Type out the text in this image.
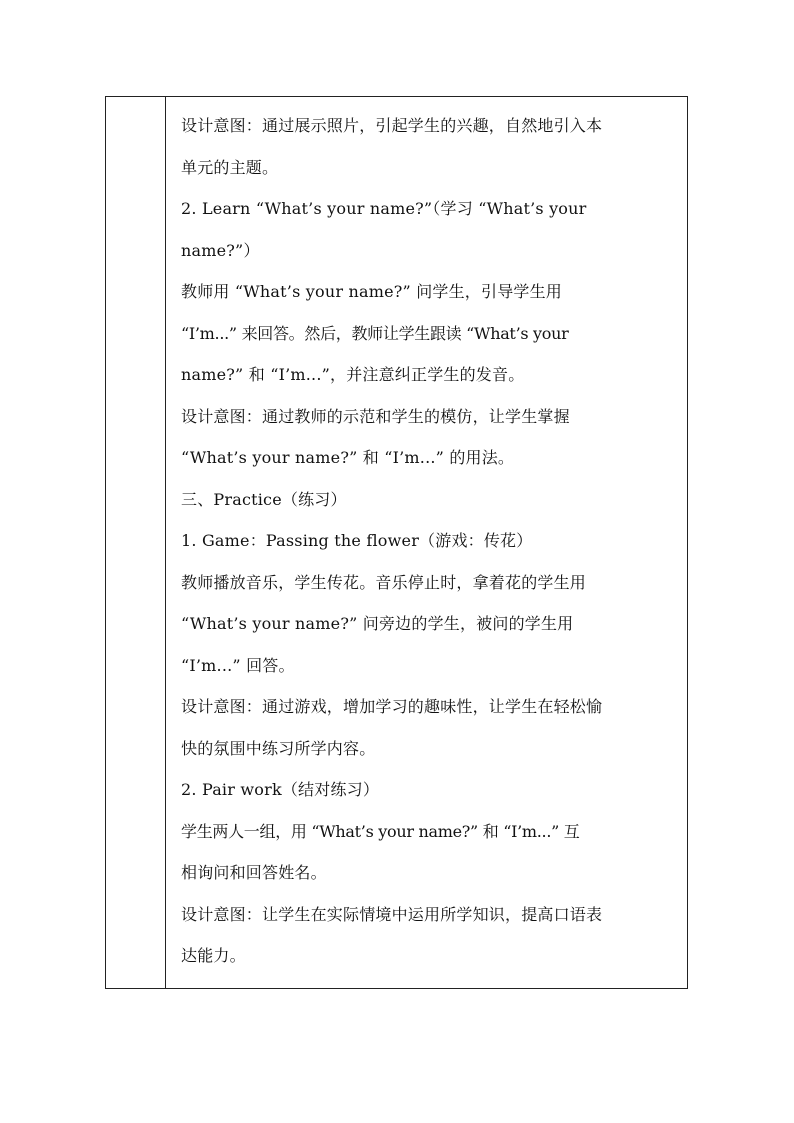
设计意图：通过展示照片，引起学生的兴趣，自然地引入本
单元的主题。
2. Learn “What’s your name?”（学习 “What’s your
name?”）
教师用 “What’s your name?” 问学生，引导学生用
“I’m...” 来回答。然后，教师让学生跟读 “What’s your
name?” 和 “I’m...”，并注意纠正学生的发音。
设计意图：通过教师的示范和学生的模仿，让学生掌握
“What’s your name?” 和 “I’m...” 的用法。
三、Practice（练习）
1. Game：Passing the flower（游戏：传花）
教师播放音乐，学生传花。音乐停止时，拿着花的学生用
“What’s your name?” 问旁边的学生，被问的学生用
“I’m...” 回答。
设计意图：通过游戏，增加学习的趣味性，让学生在轻松愉
快的氛围中练习所学内容。
2. Pair work（结对练习）
学生两人一组，用 “What’s your name?” 和 “I’m...” 互
相询问和回答姓名。
设计意图：让学生在实际情境中运用所学知识，提高口语表
达能力。
